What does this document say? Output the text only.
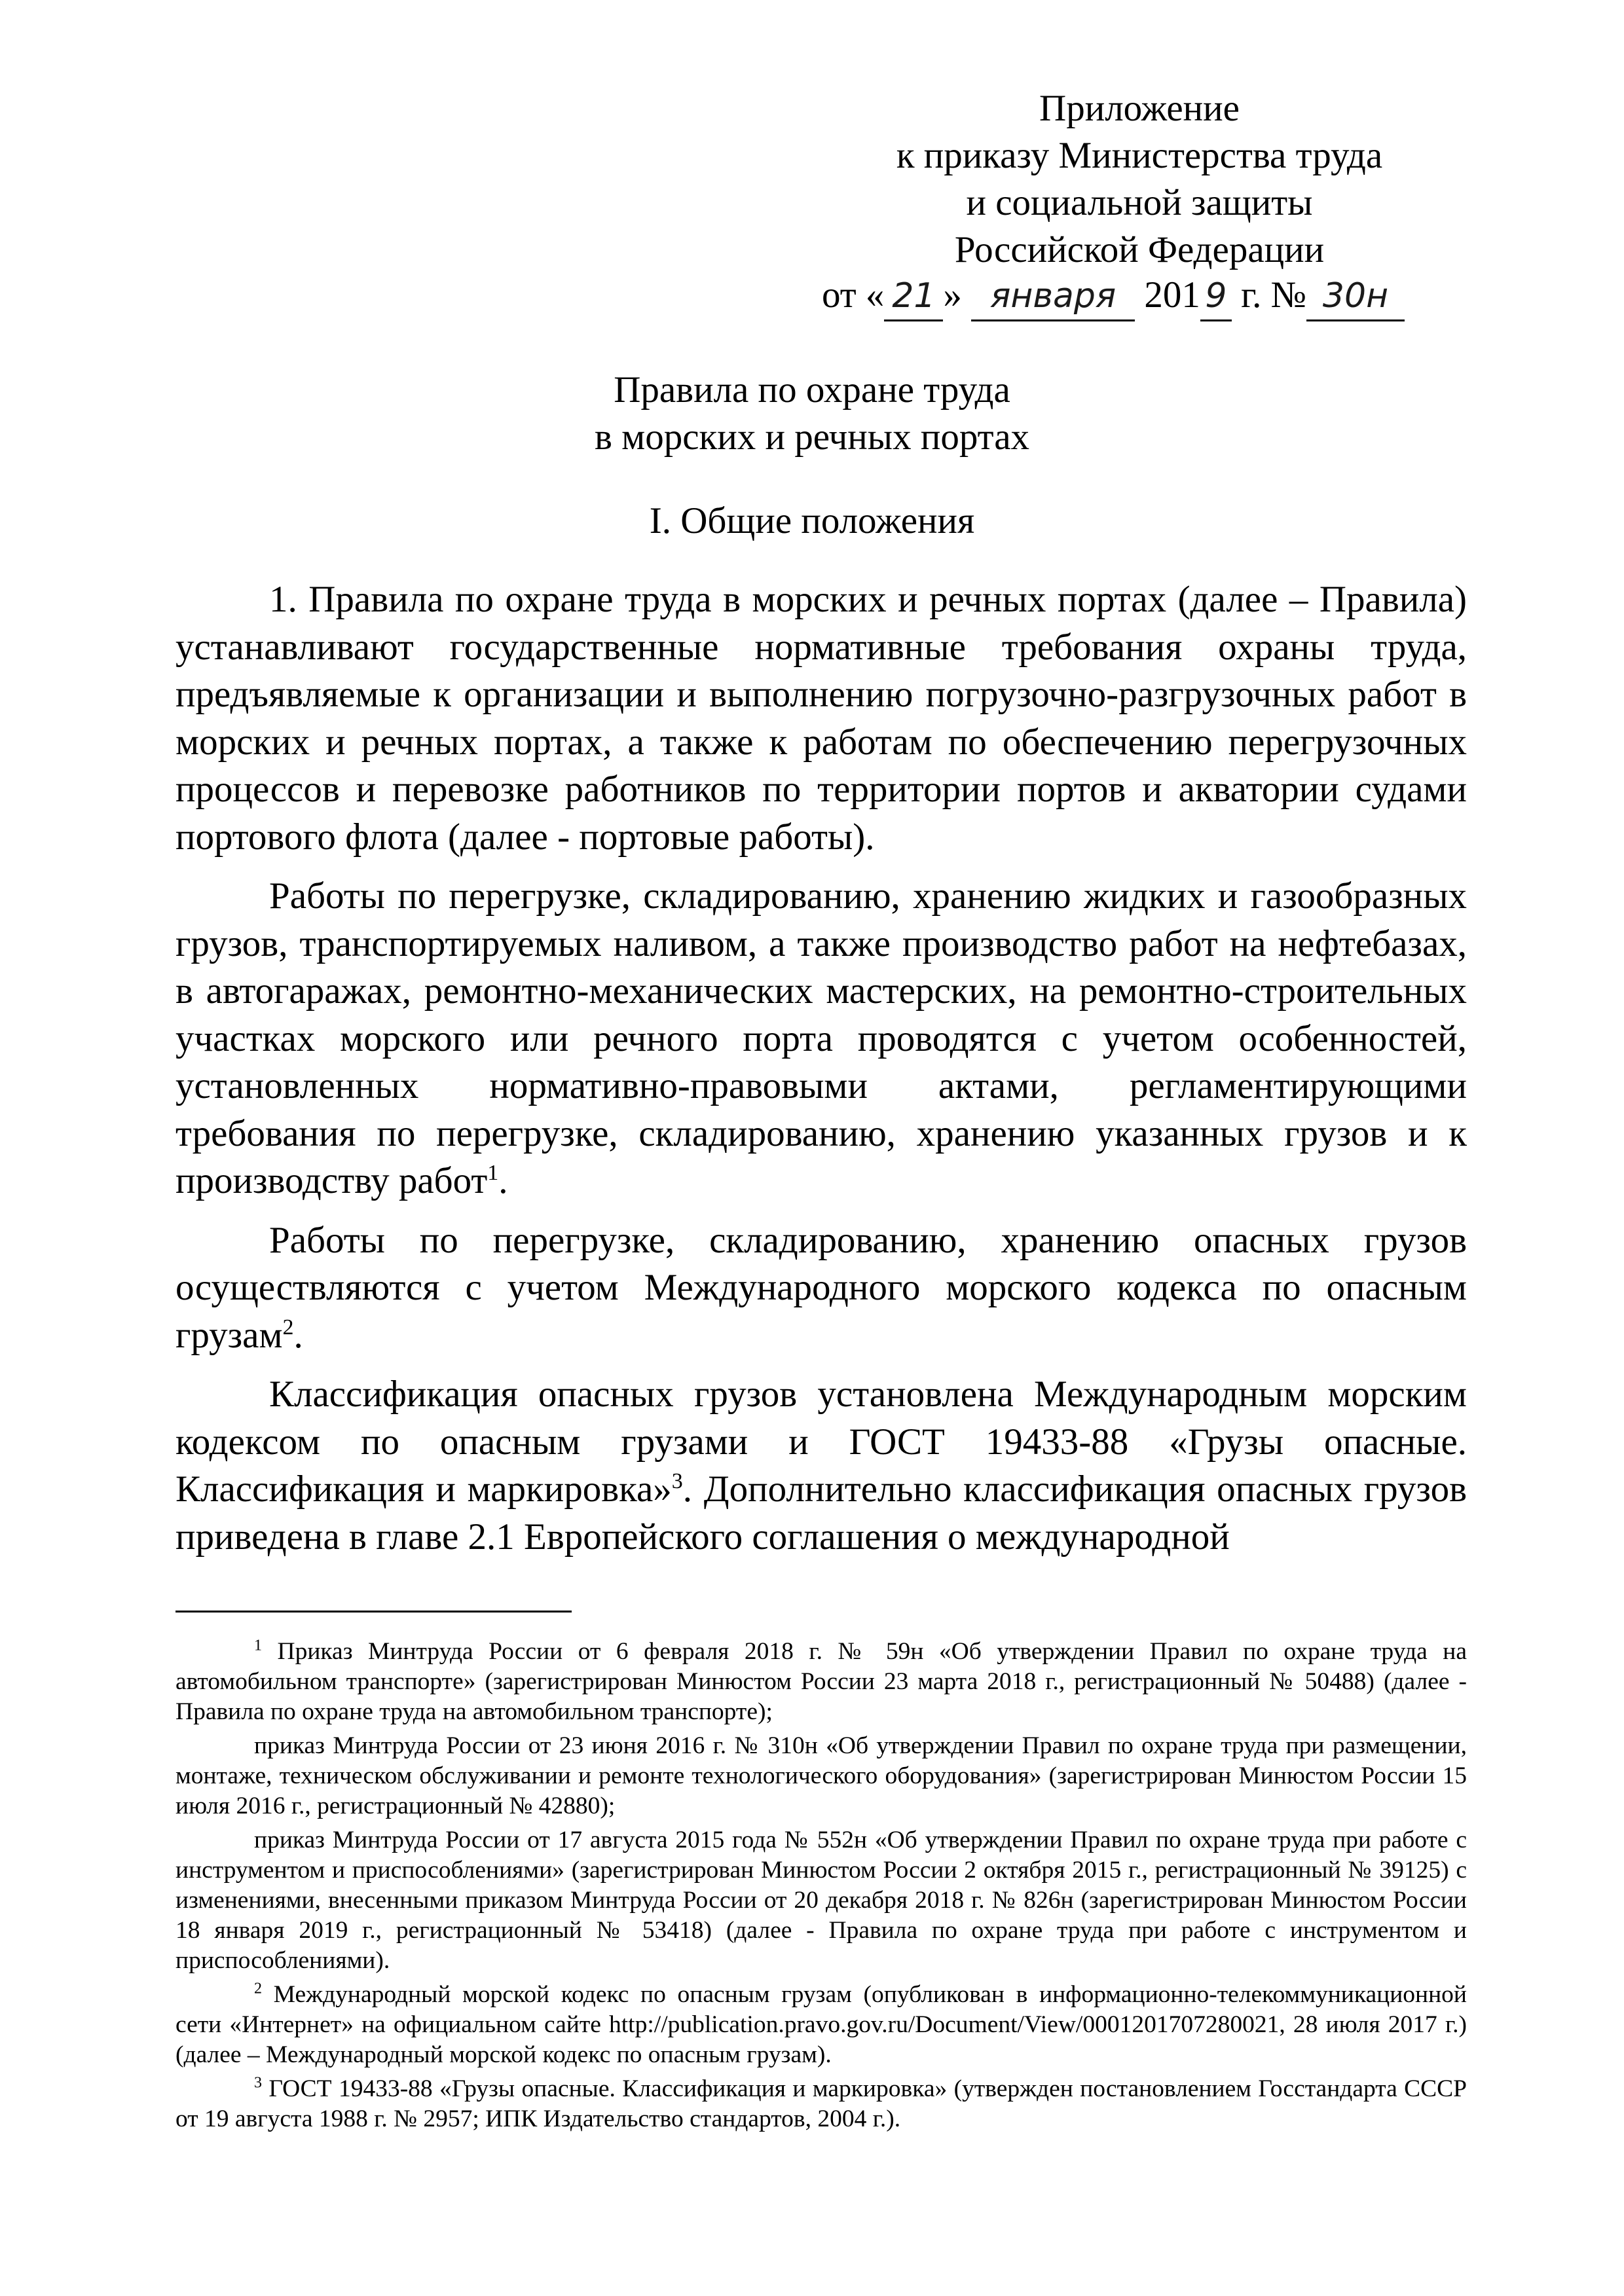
Приложение
к приказу Министерства труда
и социальной защиты
Российской Федерации
от « 21 » января 201 9 г. № 30н
Правила по охране труда
в морских и речных портах
I. Общие положения

1. Правила по охране труда в морских и речных портах (далее – Правила) устанавливают государственные нормативные требования охраны труда, предъявляемые к организации и выполнению погрузочно-разгрузочных работ в морских и речных портах, а также к работам по обеспечению перегрузочных процессов и перевозке работников по территории портов и акватории судами портового флота (далее - портовые работы).

Работы по перегрузке, складированию, хранению жидких и газообразных грузов, транспортируемых наливом, а также производство работ на нефтебазах, в автогаражах, ремонтно-механических мастерских, на ремонтно-строительных участках морского или речного порта проводятся с учетом особенностей, установленных нормативно-правовыми актами, регламентирующими требования по перегрузке, складированию, хранению указанных грузов и к производству работ$^1$.

Работы по перегрузке, складированию, хранению опасных грузов осуществляются с учетом Международного морского кодекса по опасным грузам$^2$.

Классификация опасных грузов установлена Международным морским кодексом по опасным грузами и ГОСТ 19433-88 «Грузы опасные. Классификация и маркировка»$^3$. Дополнительно классификация опасных грузов приведена в главе 2.1 Европейского соглашения о международной

$^1$ Приказ Минтруда России от 6 февраля 2018 г. № 59н «Об утверждении Правил по охране труда на автомобильном транспорте» (зарегистрирован Минюстом России 23 марта 2018 г., регистрационный № 50488) (далее - Правила по охране труда на автомобильном транспорте);

приказ Минтруда России от 23 июня 2016 г. № 310н «Об утверждении Правил по охране труда при размещении, монтаже, техническом обслуживании и ремонте технологического оборудования» (зарегистрирован Минюстом России 15 июля 2016 г., регистрационный № 42880);

приказ Минтруда России от 17 августа 2015 года № 552н «Об утверждении Правил по охране труда при работе с инструментом и приспособлениями» (зарегистрирован Минюстом России 2 октября 2015 г., регистрационный № 39125) с изменениями, внесенными приказом Минтруда России от 20 декабря 2018 г. № 826н (зарегистрирован Минюстом России 18 января 2019 г., регистрационный № 53418) (далее - Правила по охране труда при работе с инструментом и приспособлениями).

$^2$ Международный морской кодекс по опасным грузам (опубликован в информационно-телекоммуникационной сети «Интернет» на официальном сайте http://publication.pravo.gov.ru/Document/View/0001201707280021, 28 июля 2017 г.) (далее – Международный морской кодекс по опасным грузам).

$^3$ ГОСТ 19433-88 «Грузы опасные. Классификация и маркировка» (утвержден постановлением Госстандарта СССР от 19 августа 1988 г. № 2957; ИПК Издательство стандартов, 2004 г.).
